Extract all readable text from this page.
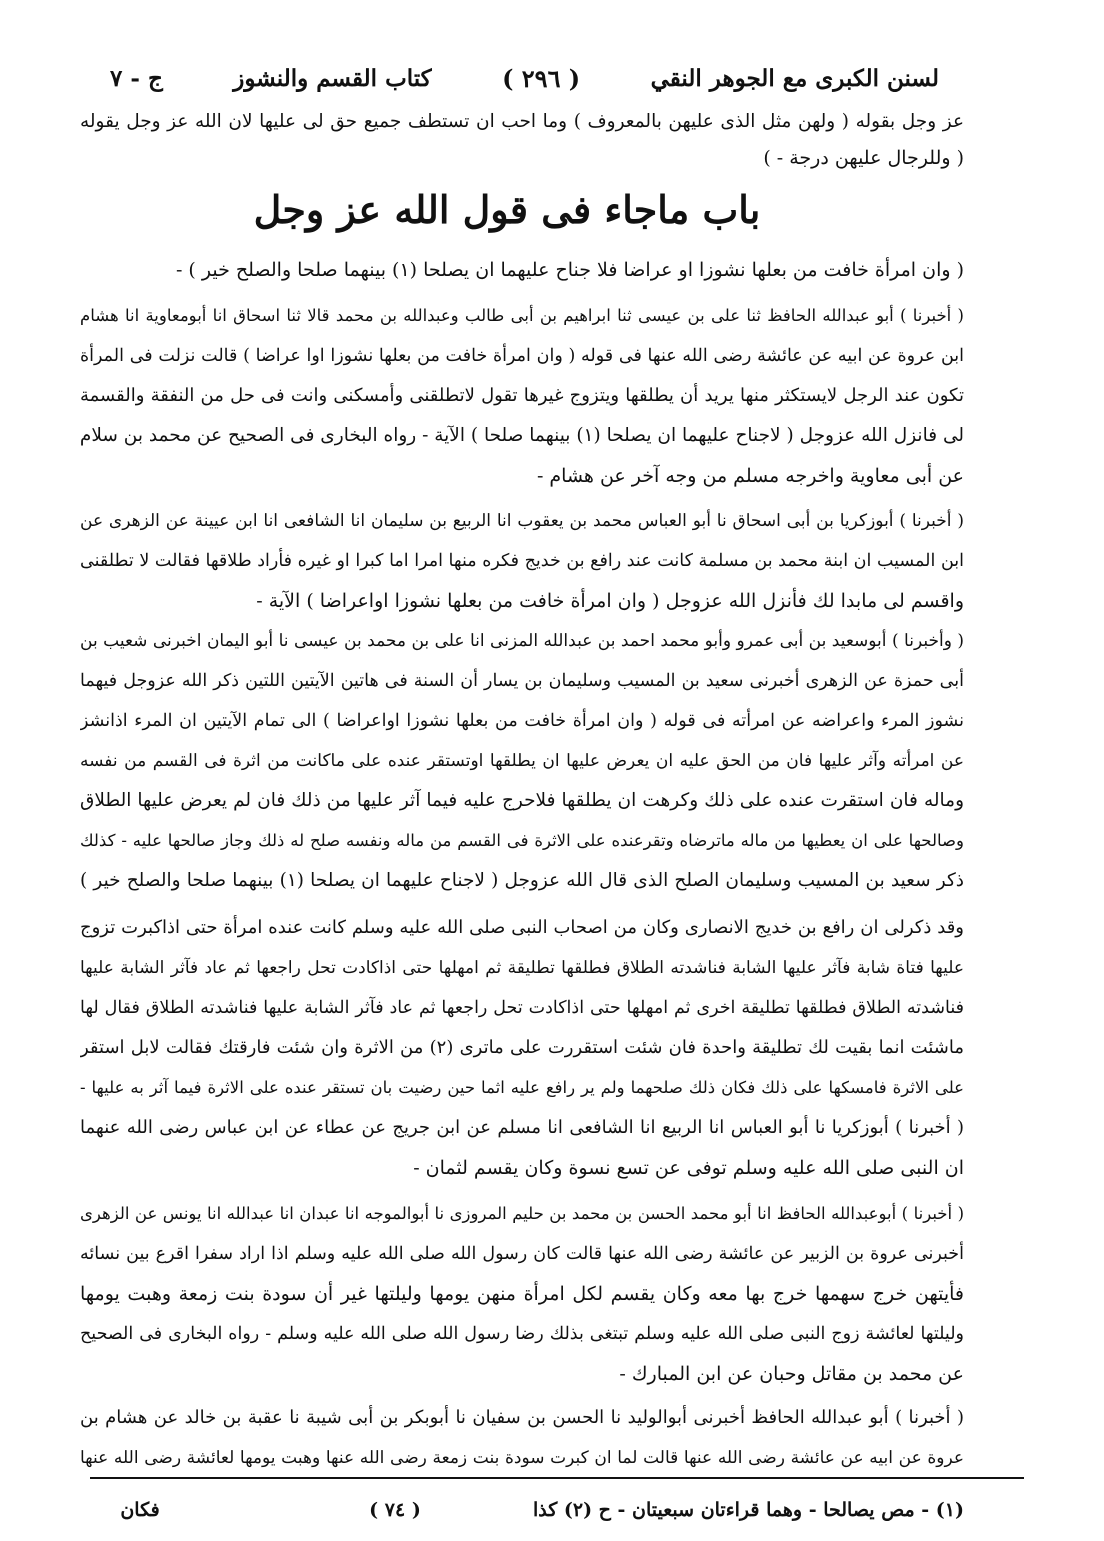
لسنن الكبرى مع الجوهر النقي
( ٢٩٦ )
كتاب القسم والنشوز
ج - ٧
عز وجل بقوله ( ولهن مثل الذى عليهن بالمعروف ) وما احب ان تستطف جميع حق لى عليها لان الله عز وجل يقوله
( وللرجال عليهن درجة - )
باب ماجاء فى قول الله عز وجل
( وان امرأة خافت من بعلها نشوزا او عراضا فلا جناح عليهما ان يصلحا (١) بينهما صلحا والصلح خير ) -
( أخبرنا ) أبو عبدالله الحافظ ثنا على بن عيسى ثنا ابراهيم بن أبى طالب وعبدالله بن محمد قالا ثنا اسحاق انا أبومعاوية انا هشام
ابن عروة عن ابيه عن عائشة رضى الله عنها فى قوله ( وان امرأة خافت من بعلها نشوزا اوا عراضا ) قالت نزلت فى المرأة
تكون عند الرجل لايستكثر منها يريد أن يطلقها ويتزوج غيرها تقول لاتطلقنى وأمسكنى وانت فى حل من النفقة والقسمة
لى فانزل الله عزوجل ( لاجناح عليهما ان يصلحا (١) بينهما صلحا ) الآية - رواه البخارى فى الصحيح عن محمد بن سلام
عن أبى معاوية واخرجه مسلم من وجه آخر عن هشام -
( أخبرنا ) أبوزكريا بن أبى اسحاق نا أبو العباس محمد بن يعقوب انا الربيع بن سليمان انا الشافعى انا ابن عيينة عن الزهرى عن
ابن المسيب ان ابنة محمد بن مسلمة كانت عند رافع بن خديج فكره منها امرا اما كبرا او غيره فأراد طلاقها فقالت لا تطلقنى
واقسم لى مابدا لك فأنزل الله عزوجل ( وان امرأة خافت من بعلها نشوزا اواعراضا ) الآية -
( وأخبرنا ) أبوسعيد بن أبى عمرو وأبو محمد احمد بن عبدالله المزنى انا على بن محمد بن عيسى نا أبو اليمان اخبرنى شعيب بن
أبى حمزة عن الزهرى أخبرنى سعيد بن المسيب وسليمان بن يسار أن السنة فى هاتين الآيتين اللتين ذكر الله عزوجل فيهما
نشوز المرء واعراضه عن امرأته فى قوله ( وان امرأة خافت من بعلها نشوزا اواعراضا ) الى تمام الآيتين ان المرء اذانشز
عن امرأته وآثر عليها فان من الحق عليه ان يعرض عليها ان يطلقها اوتستقر عنده على ماكانت من اثرة فى القسم من نفسه
وماله فان استقرت عنده على ذلك وكرهت ان يطلقها فلاحرج عليه فيما آثر عليها من ذلك فان لم يعرض عليها الطلاق
وصالحها على ان يعطيها من ماله ماترضاه وتقرعنده على الاثرة فى القسم من ماله ونفسه صلح له ذلك وجاز صالحها عليه - كذلك
ذكر سعيد بن المسيب وسليمان الصلح الذى قال الله عزوجل ( لاجناح عليهما ان يصلحا (١) بينهما صلحا والصلح خير )
وقد ذكرلى ان رافع بن خديج الانصارى وكان من اصحاب النبى صلى الله عليه وسلم كانت عنده امرأة حتى اذاكبرت تزوج
عليها فتاة شابة فآثر عليها الشابة فناشدته الطلاق فطلقها تطليقة ثم امهلها حتى اذاكادت تحل راجعها ثم عاد فآثر الشابة عليها
فناشدته الطلاق فطلقها تطليقة اخرى ثم امهلها حتى اذاكادت تحل راجعها ثم عاد فآثر الشابة عليها فناشدته الطلاق فقال لها
ماشئت انما بقيت لك تطليقة واحدة فان شئت استقررت على ماترى (٢) من الاثرة وان شئت فارقتك فقالت لابل استقر
على الاثرة فامسكها على ذلك فكان ذلك صلحهما ولم ير رافع عليه اثما حين رضيت بان تستقر عنده على الاثرة فيما آثر به عليها -
( أخبرنا ) أبوزكريا نا أبو العباس انا الربيع انا الشافعى انا مسلم عن ابن جريج عن عطاء عن ابن عباس رضى الله عنهما
ان النبى صلى الله عليه وسلم توفى عن تسع نسوة وكان يقسم لثمان -
( أخبرنا ) أبوعبدالله الحافظ انا أبو محمد الحسن بن محمد بن حليم المروزى نا أبوالموجه انا عبدان انا عبدالله انا يونس عن الزهرى
أخبرنى عروة بن الزبير عن عائشة رضى الله عنها قالت كان رسول الله صلى الله عليه وسلم اذا اراد سفرا اقرع بين نسائه
فأيتهن خرج سهمها خرج بها معه وكان يقسم لكل امرأة منهن يومها وليلتها غير أن سودة بنت زمعة وهبت يومها
وليلتها لعائشة زوج النبى صلى الله عليه وسلم تبتغى بذلك رضا رسول الله صلى الله عليه وسلم - رواه البخارى فى الصحيح
عن محمد بن مقاتل وحبان عن ابن المبارك -
( أخبرنا ) أبو عبدالله الحافظ أخبرنى أبوالوليد نا الحسن بن سفيان نا أبوبكر بن أبى شيبة نا عقبة بن خالد عن هشام بن
عروة عن ابيه عن عائشة رضى الله عنها قالت لما ان كبرت سودة بنت زمعة رضى الله عنها وهبت يومها لعائشة رضى الله عنها
(١) - مص يصالحا - وهما قراءتان سبعيتان - ح (٢) كذا
( ٧٤ )
فكان
